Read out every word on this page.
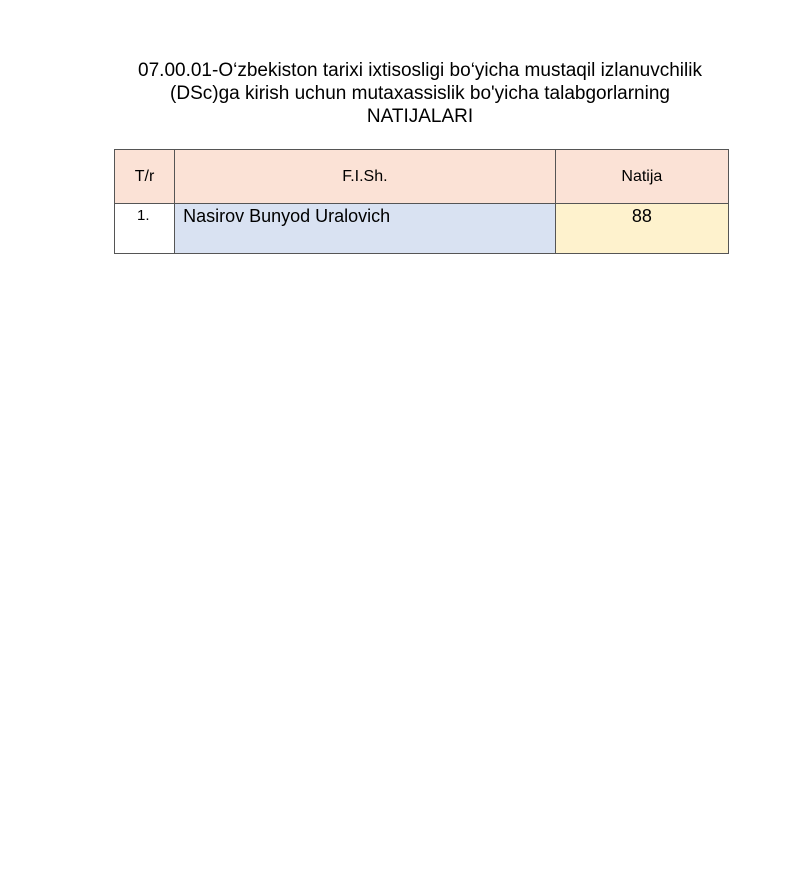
07.00.01-O‘zbekiston tarixi ixtisosligi bo‘yicha mustaqil izlanuvchilik
(DSc)ga kirish uchun mutaxassislik bo'yicha talabgorlarning
NATIJALARI
T/r	F.I.Sh.	Natija
1.	Nasirov Bunyod Uralovich	88
